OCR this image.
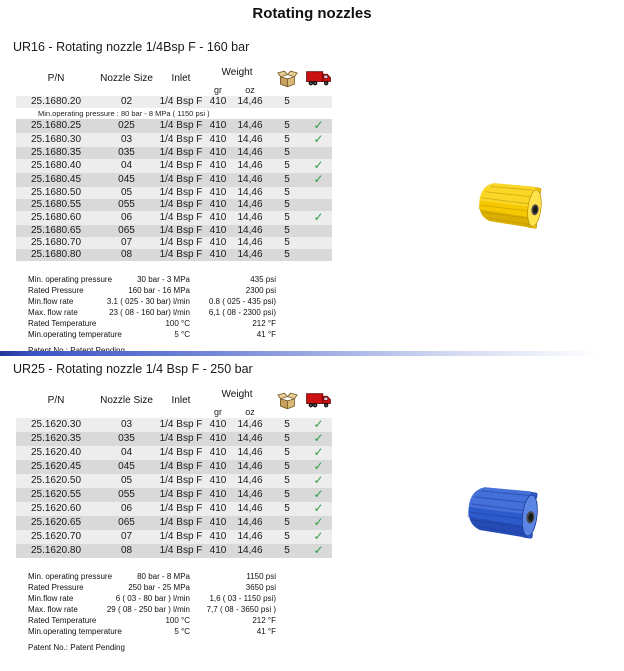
Rotating nozzles
UR16 - Rotating nozzle 1/4Bsp F - 160 bar
P/N	Nozzle Size	Inlet	Weight	

			gr	oz		
25.1680.20	02	1/4 Bsp F	410	14,46	5	
Min.operating pressure : 80 bar - 8 MPa ( 1150 psi )						
25.1680.25	025	1/4 Bsp F	410	14,46	5	✓
25.1680.30	03	1/4 Bsp F	410	14,46	5	✓
25.1680.35	035	1/4 Bsp F	410	14,46	5	
25.1680.40	04	1/4 Bsp F	410	14,46	5	✓
25.1680.45	045	1/4 Bsp F	410	14,46	5	✓
25.1680.50	05	1/4 Bsp F	410	14,46	5	
25.1680.55	055	1/4 Bsp F	410	14,46	5	
25.1680.60	06	1/4 Bsp F	410	14,46	5	✓
25.1680.65	065	1/4 Bsp F	410	14,46	5	
25.1680.70	07	1/4 Bsp F	410	14,46	5	
25.1680.80	08	1/4 Bsp F	410	14,46	5	
Min. operating pressure	30 bar - 3 MPa	435 psi
Rated Pressure	160 bar - 16 MPa	2300 psi
Min.flow rate	3.1 ( 025 - 30 bar) l/min	0.8 ( 025 - 435 psi)
Max. flow rate	23 ( 08 - 160 bar) l/min	6,1 ( 08 - 2300 psi)
Rated Temperature	100 °C	212 °F
Min.operating temperature	5 °C	41 °F
UR25 - Rotating nozzle 1/4 Bsp F - 250 bar
P/N	Nozzle Size	Inlet	Weight	

			gr	oz		
25.1620.30	03	1/4 Bsp F	410	14,46	5	✓
25.1620.35	035	1/4 Bsp F	410	14,46	5	✓
25.1620.40	04	1/4 Bsp F	410	14,46	5	✓
25.1620.45	045	1/4 Bsp F	410	14,46	5	✓
25.1620.50	05	1/4 Bsp F	410	14,46	5	✓
25.1620.55	055	1/4 Bsp F	410	14,46	5	✓
25.1620.60	06	1/4 Bsp F	410	14,46	5	✓
25.1620.65	065	1/4 Bsp F	410	14,46	5	✓
25.1620.70	07	1/4 Bsp F	410	14,46	5	✓
25.1620.80	08	1/4 Bsp F	410	14,46	5	✓
Min. operating pressure	80 bar - 8 MPa	1150 psi
Rated Pressure	250 bar - 25 MPa	3650 psi
Min.flow rate	6 ( 03 - 80 bar ) l/min	1,6 ( 03 - 1150 psi)
Max. flow rate	29 ( 08 - 250 bar ) l/min	7,7 ( 08 - 3650 psi )
Rated Temperature	100 °C	212 °F
Min.operating temperature	5 °C	41 °F
Patent No.: Patent Pending
